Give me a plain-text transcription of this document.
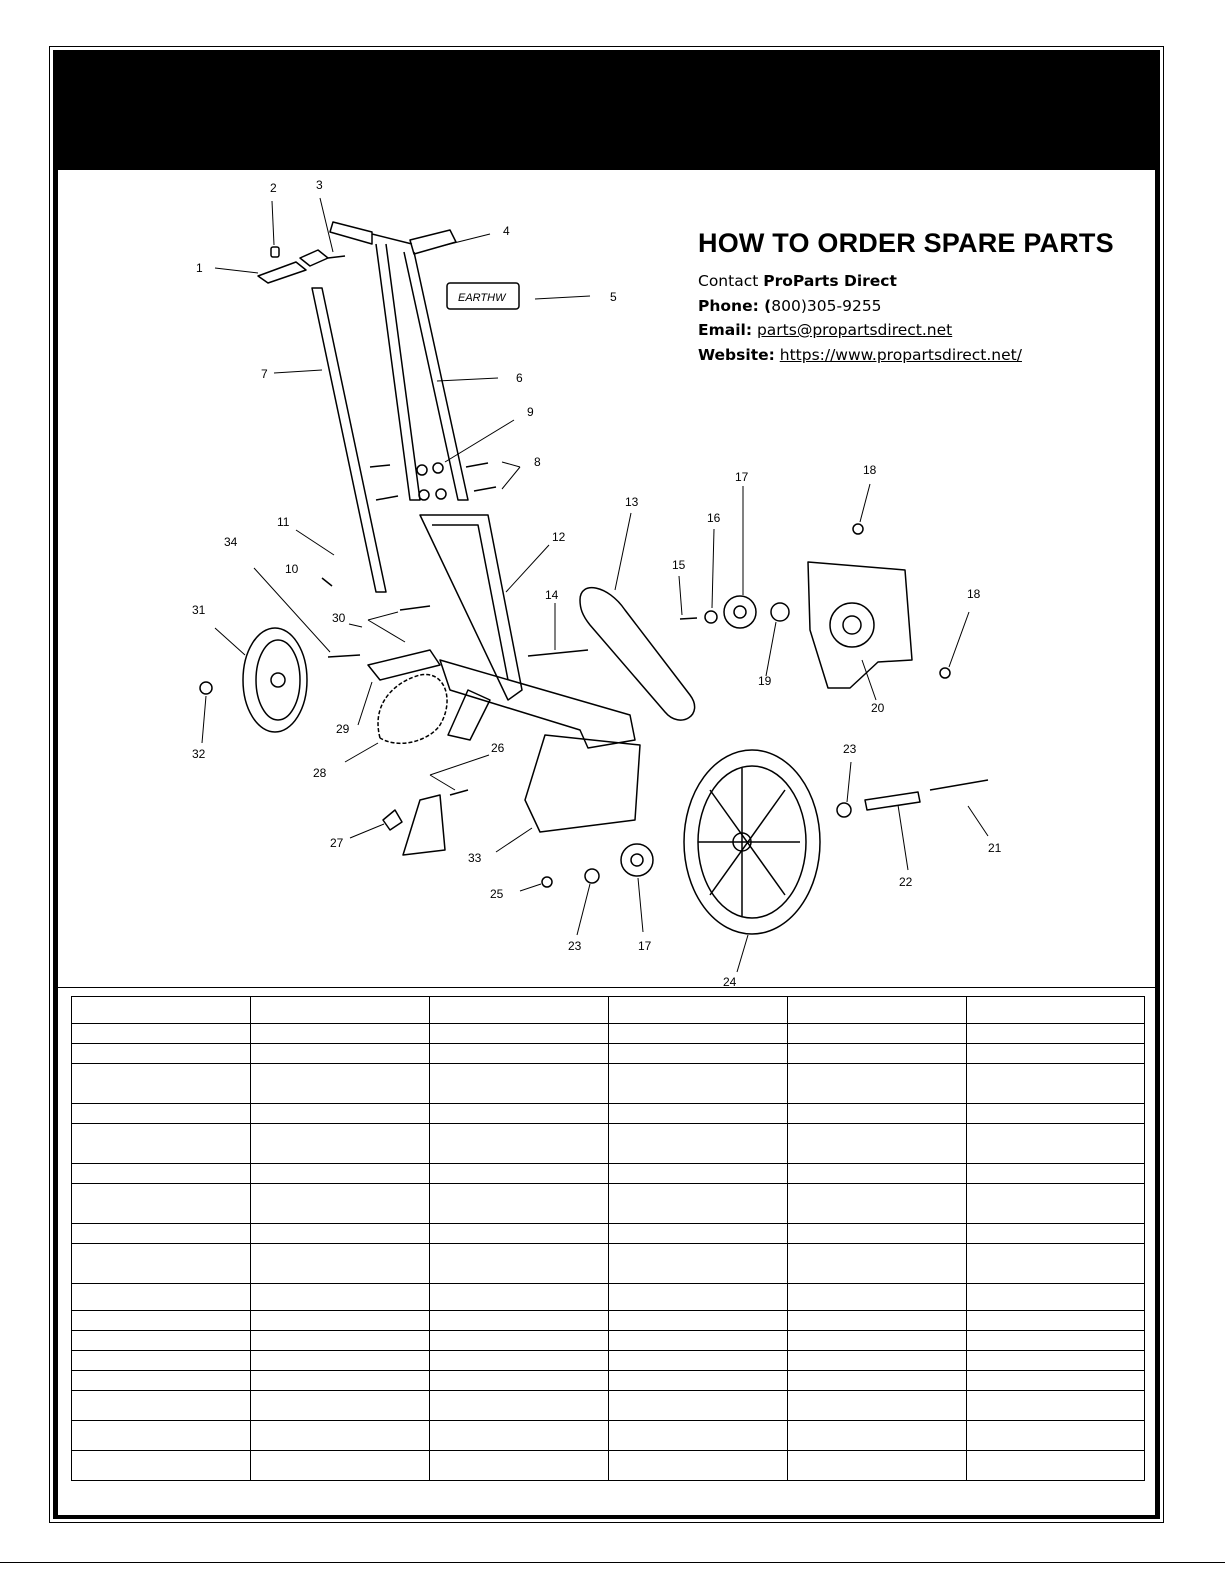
EARTHW
1
2	3
4
5
6
7
8
9
10
11
12
13
14
15
16
17	18
18
19
20
21
22
23
23	17
24
25
26
27
28
29
30
31
32
33
34
HOW TO ORDER SPARE PARTS
Contact ProParts Direct
Phone: (800)305-9255
Email: parts@propartsdirect.net
Website: https://www.propartsdirect.net/
